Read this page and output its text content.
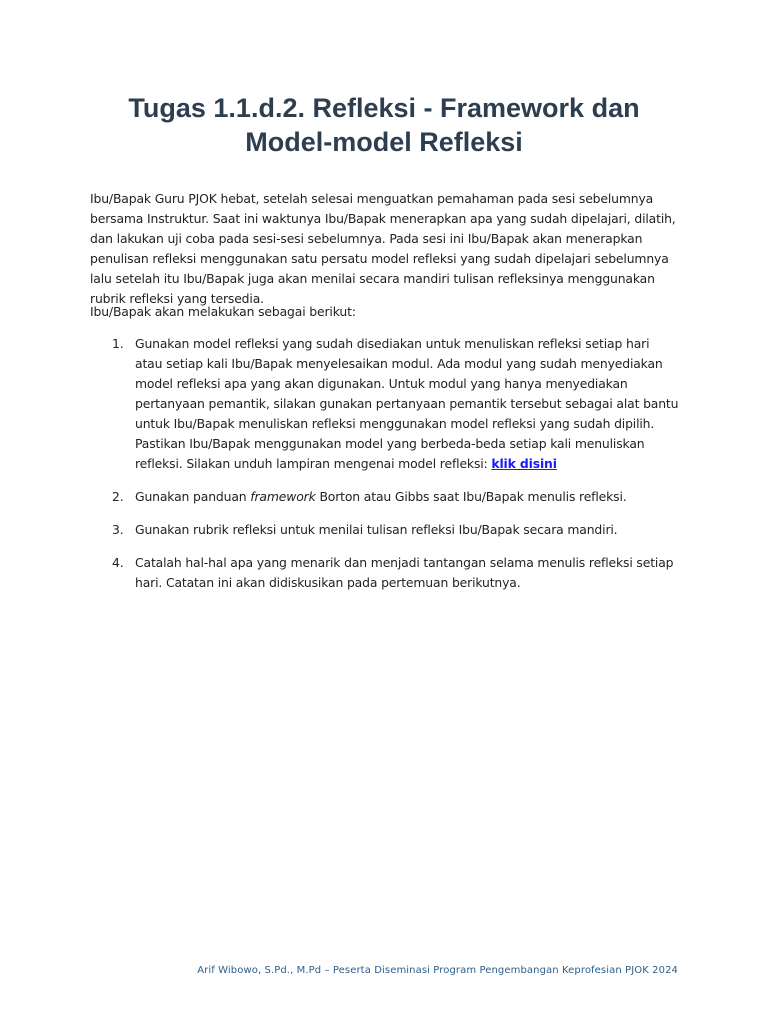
Tugas 1.1.d.2. Refleksi - Framework dan
Model-model Refleksi

Ibu/Bapak Guru PJOK hebat, setelah selesai menguatkan pemahaman pada sesi sebelumnya bersama Instruktur. Saat ini waktunya Ibu/Bapak menerapkan apa yang sudah dipelajari, dilatih, dan lakukan uji coba pada sesi-sesi sebelumnya. Pada sesi ini Ibu/Bapak akan menerapkan penulisan refleksi menggunakan satu persatu model refleksi yang sudah dipelajari sebelumnya lalu setelah itu Ibu/Bapak juga akan menilai secara mandiri tulisan refleksinya menggunakan rubrik refleksi yang tersedia.

Ibu/Bapak akan melakukan sebagai berikut:

1. Gunakan model refleksi yang sudah disediakan untuk menuliskan refleksi setiap hari atau setiap kali Ibu/Bapak menyelesaikan modul. Ada modul yang sudah menyediakan model refleksi apa yang akan digunakan. Untuk modul yang hanya menyediakan pertanyaan pemantik, silakan gunakan pertanyaan pemantik tersebut sebagai alat bantu untuk Ibu/Bapak menuliskan refleksi menggunakan model refleksi yang sudah dipilih. Pastikan Ibu/Bapak menggunakan model yang berbeda-beda setiap kali menuliskan refleksi. Silakan unduh lampiran mengenai model refleksi: klik disini
2. Gunakan panduan framework Borton atau Gibbs saat Ibu/Bapak menulis refleksi.
3. Gunakan rubrik refleksi untuk menilai tulisan refleksi Ibu/Bapak secara mandiri.
4. Catalah hal-hal apa yang menarik dan menjadi tantangan selama menulis refleksi setiap hari. Catatan ini akan didiskusikan pada pertemuan berikutnya.
Arif Wibowo, S.Pd., M.Pd – Peserta Diseminasi Program Pengembangan Keprofesian PJOK 2024
